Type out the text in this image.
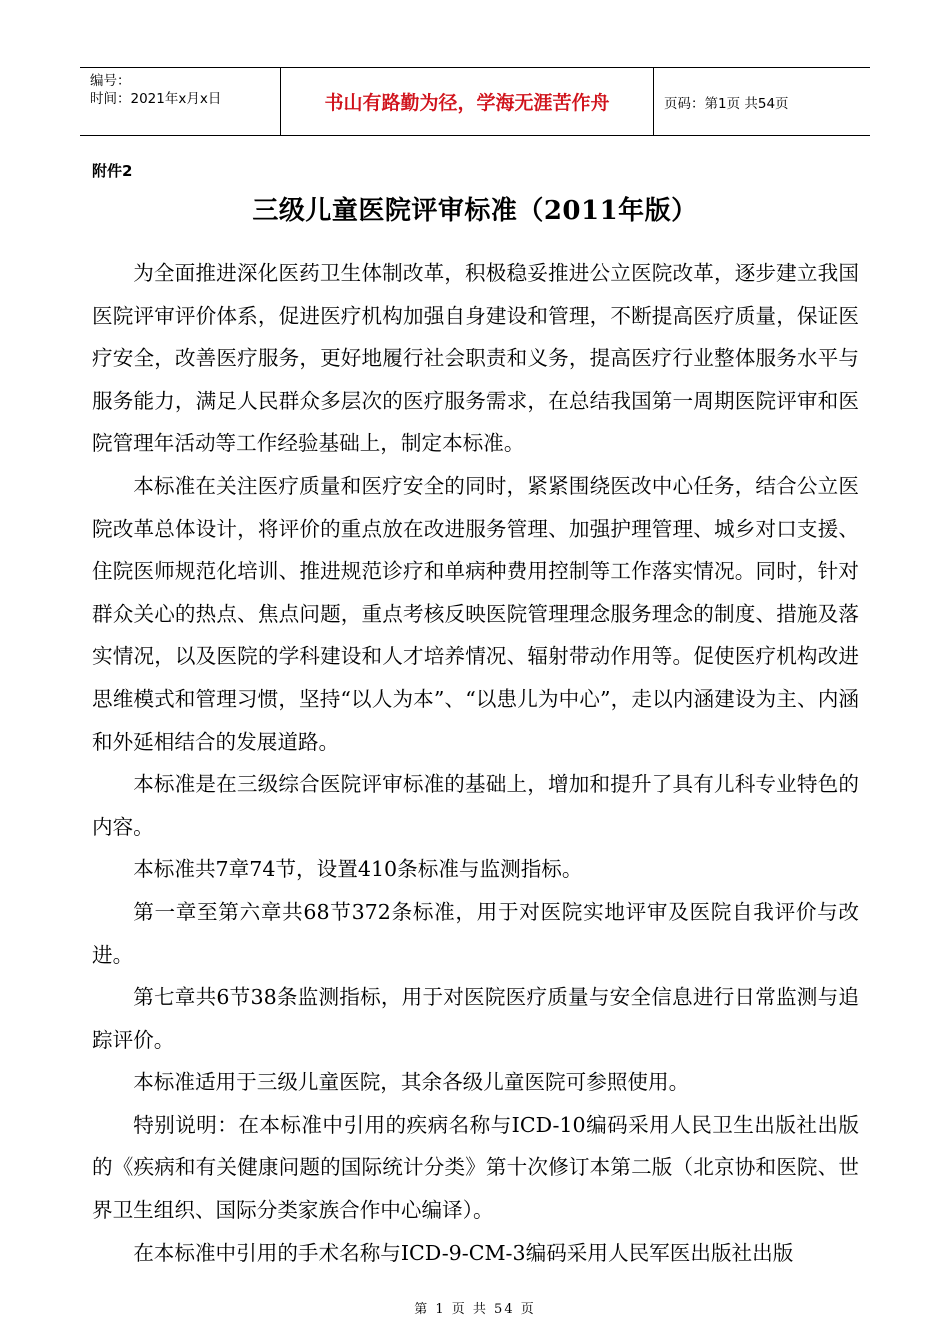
编号：
时间：2021年x月x日	书山有路勤为径，学海无涯苦作舟	页码：第1页 共54页
附件2
三级儿童医院评审标准（2011年版）

为全面推进深化医药卫生体制改革，积极稳妥推进公立医院改革，逐步建立我国医院评审评价体系，促进医疗机构加强自身建设和管理，不断提高医疗质量，保证医疗安全，改善医疗服务，更好地履行社会职责和义务，提高医疗行业整体服务水平与服务能力，满足人民群众多层次的医疗服务需求，在总结我国第一周期医院评审和医院管理年活动等工作经验基础上，制定本标准。

本标准在关注医疗质量和医疗安全的同时，紧紧围绕医改中心任务，结合公立医院改革总体设计，将评价的重点放在改进服务管理、加强护理管理、城乡对口支援、住院医师规范化培训、推进规范诊疗和单病种费用控制等工作落实情况。同时，针对群众关心的热点、焦点问题，重点考核反映医院管理理念服务理念的制度、措施及落实情况，以及医院的学科建设和人才培养情况、辐射带动作用等。促使医疗机构改进思维模式和管理习惯，坚持“以人为本”、“以患儿为中心”，走以内涵建设为主、内涵和外延相结合的发展道路。

本标准是在三级综合医院评审标准的基础上，增加和提升了具有儿科专业特色的内容。

本标准共7章74节，设置410条标准与监测指标。

第一章至第六章共68节372条标准，用于对医院实地评审及医院自我评价与改进。

第七章共6节38条监测指标，用于对医院医疗质量与安全信息进行日常监测与追踪评价。

本标准适用于三级儿童医院，其余各级儿童医院可参照使用。

特别说明：在本标准中引用的疾病名称与ICD-10编码采用人民卫生出版社出版的《疾病和有关健康问题的国际统计分类》第十次修订本第二版（北京协和医院、世界卫生组织、国际分类家族合作中心编译）。

在本标准中引用的手术名称与ICD-9-CM-3编码采用人民军医出版社出版

第 1 页 共 54 页
